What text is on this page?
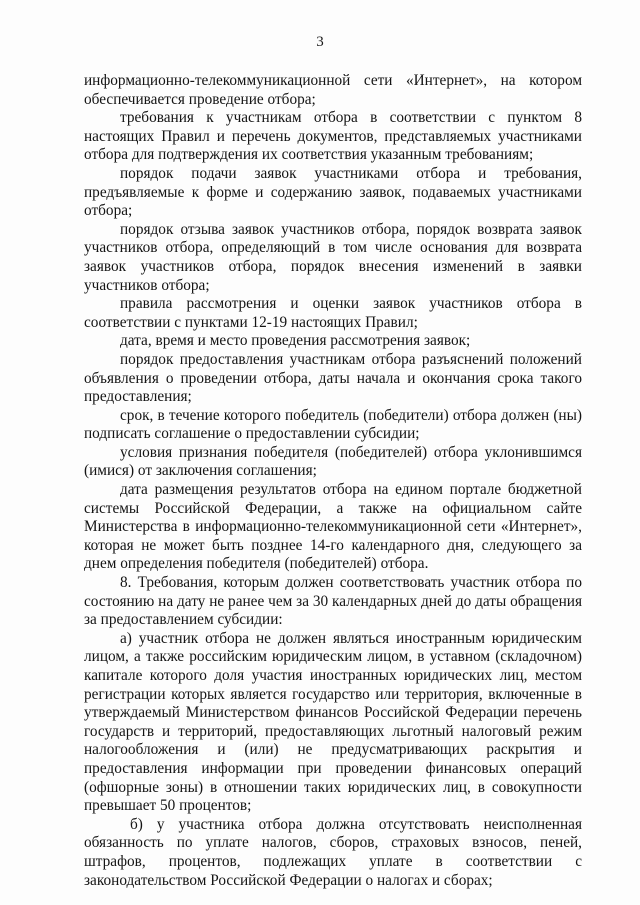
3

информационно-телекоммуникационной сети «Интернет», на котором обеспечивается проведение отбора;

требования к участникам отбора в соответствии с пунктом 8 настоящих Правил и перечень документов, представляемых участниками отбора для подтверждения их соответствия указанным требованиям;

порядок подачи заявок участниками отбора и требования, предъявляемые к форме и содержанию заявок, подаваемых участниками отбора;

порядок отзыва заявок участников отбора, порядок возврата заявок участников отбора, определяющий в том числе основания для возврата заявок участников отбора, порядок внесения изменений в заявки участников отбора;

правила рассмотрения и оценки заявок участников отбора в соответствии с пунктами 12-19 настоящих Правил;

дата, время и место проведения рассмотрения заявок;

порядок предоставления участникам отбора разъяснений положений объявления о проведении отбора, даты начала и окончания срока такого предоставления;

срок, в течение которого победитель (победители) отбора должен (ны) подписать соглашение о предоставлении субсидии;

условия признания победителя (победителей) отбора уклонившимся (имися) от заключения соглашения;

дата размещения результатов отбора на едином портале бюджетной системы Российской Федерации, а также на официальном сайте Министерства в информационно-телекоммуникационной сети «Интернет», которая не может быть позднее 14-го календарного дня, следующего за днем определения победителя (победителей) отбора.

8. Требования, которым должен соответствовать участник отбора по состоянию на дату не ранее чем за 30 календарных дней до даты обращения за предоставлением субсидии:

а) участник отбора не должен являться иностранным юридическим лицом, а также российским юридическим лицом, в уставном (складочном) капитале которого доля участия иностранных юридических лиц, местом регистрации которых является государство или территория, включенные в утверждаемый Министерством финансов Российской Федерации перечень государств и территорий, предоставляющих льготный налоговый режим налогообложения и (или) не предусматривающих раскрытия и предоставления информации при проведении финансовых операций (офшорные зоны) в отношении таких юридических лиц, в совокупности превышает 50 процентов;

б) у участника отбора должна отсутствовать неисполненная обязанность по уплате налогов, сборов, страховых взносов, пеней, штрафов, процентов, подлежащих уплате в соответствии с законодательством Российской Федерации о налогах и сборах;
